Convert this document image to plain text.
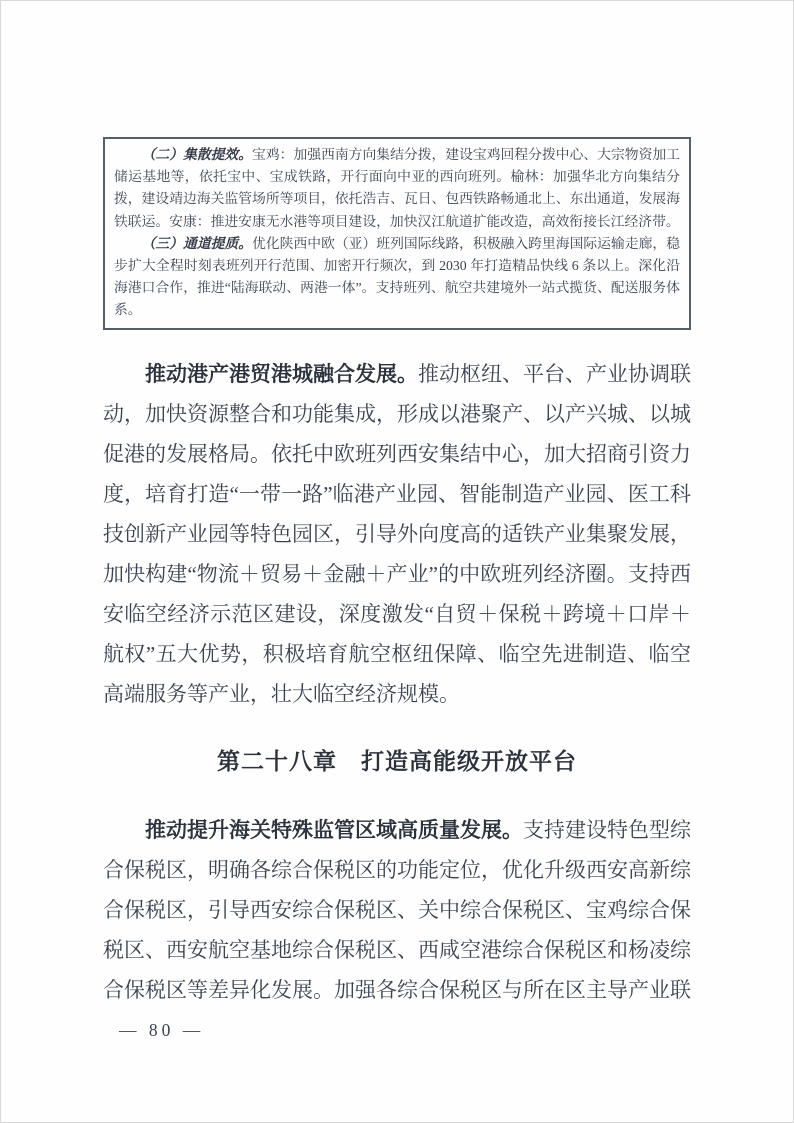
（二）集散提效。宝鸡：加强西南方向集结分拨，建设宝鸡回程分拨中心、大宗物资加工储运基地等，依托宝中、宝成铁路，开行面向中亚的西向班列。榆林：加强华北方向集结分拨，建设靖边海关监管场所等项目，依托浩吉、瓦日、包西铁路畅通北上、东出通道，发展海铁联运。安康：推进安康无水港等项目建设，加快汉江航道扩能改造，高效衔接长江经济带。

（三）通道提质。优化陕西中欧（亚）班列国际线路，积极融入跨里海国际运输走廊，稳步扩大全程时刻表班列开行范围、加密开行频次，到 2030 年打造精品快线 6 条以上。深化沿海港口合作，推进“陆海联动、两港一体”。支持班列、航空共建境外一站式揽货、配送服务体系。

推动港产港贸港城融合发展。推动枢纽、平台、产业协调联动，加快资源整合和功能集成，形成以港聚产、以产兴城、以城促港的发展格局。依托中欧班列西安集结中心，加大招商引资力度，培育打造“一带一路”临港产业园、智能制造产业园、医工科技创新产业园等特色园区，引导外向度高的适铁产业集聚发展，加快构建“物流＋贸易＋金融＋产业”的中欧班列经济圈。支持西安临空经济示范区建设，深度激发“自贸＋保税＋跨境＋口岸＋航权”五大优势，积极培育航空枢纽保障、临空先进制造、临空高端服务等产业，壮大临空经济规模。

第二十八章　打造高能级开放平台

推动提升海关特殊监管区域高质量发展。支持建设特色型综合保税区，明确各综合保税区的功能定位，优化升级西安高新综合保税区，引导西安综合保税区、关中综合保税区、宝鸡综合保税区、西安航空基地综合保税区、西咸空港综合保税区和杨凌综合保税区等差异化发展。加强各综合保税区与所在区主导产业联

— 80 —
